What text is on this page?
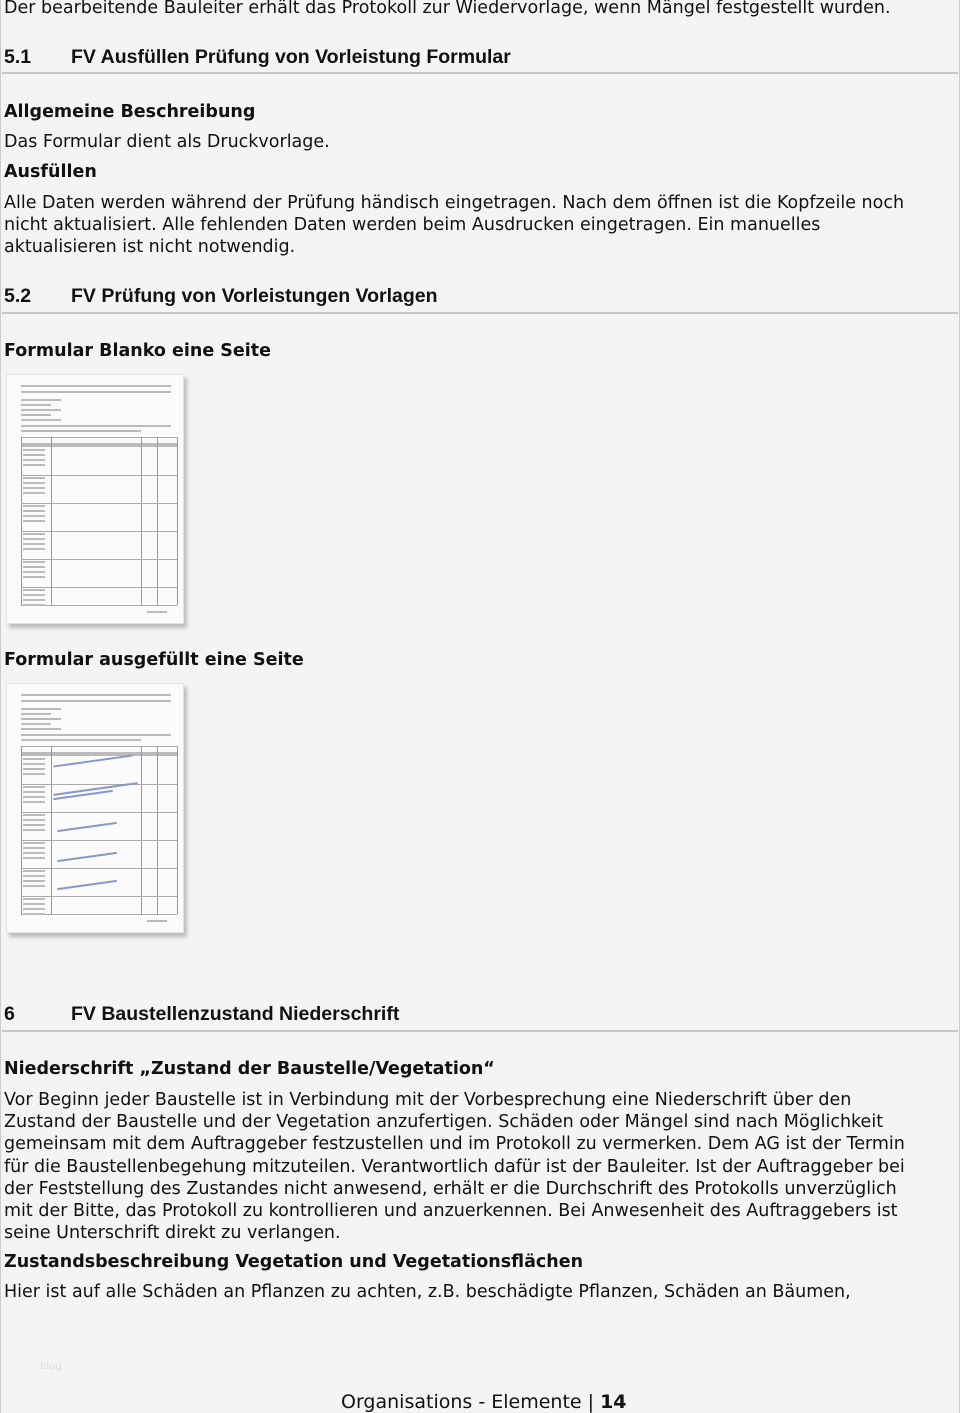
Der bearbeitende Bauleiter erhält das Protokoll zur Wiedervorlage, wenn Mängel festgestellt wurden.
5.1	FV Ausfüllen Prüfung von Vorleistung Formular
Allgemeine Beschreibung
Das Formular dient als Druckvorlage.
Ausfüllen
Alle Daten werden während der Prüfung händisch eingetragen. Nach dem öffnen ist die Kopfzeile noch
nicht aktualisiert. Alle fehlenden Daten werden beim Ausdrucken eingetragen. Ein manuelles
aktualisieren ist nicht notwendig.
5.2	FV Prüfung von Vorleistungen Vorlagen
Formular Blanko eine Seite
Formular ausgefüllt eine Seite
6	FV Baustellenzustand Niederschrift
Niederschrift „Zustand der Baustelle/Vegetation“
Vor Beginn jeder Baustelle ist in Verbindung mit der Vorbesprechung eine Niederschrift über den
Zustand der Baustelle und der Vegetation anzufertigen. Schäden oder Mängel sind nach Möglichkeit
gemeinsam mit dem Auftraggeber festzustellen und im Protokoll zu vermerken. Dem AG ist der Termin
für die Baustellenbegehung mitzuteilen. Verantwortlich dafür ist der Bauleiter. Ist der Auftraggeber bei
der Feststellung des Zustandes nicht anwesend, erhält er die Durchschrift des Protokolls unverzüglich
mit der Bitte, das Protokoll zu kontrollieren und anzuerkennen. Bei Anwesenheit des Auftraggebers ist
seine Unterschrift direkt zu verlangen.
Zustandsbeschreibung Vegetation und Vegetationsflächen
Hier ist auf alle Schäden an Pflanzen zu achten, z.B. beschädigte Pflanzen, Schäden an Bäumen,
blog
Organisations - Elemente | 14
